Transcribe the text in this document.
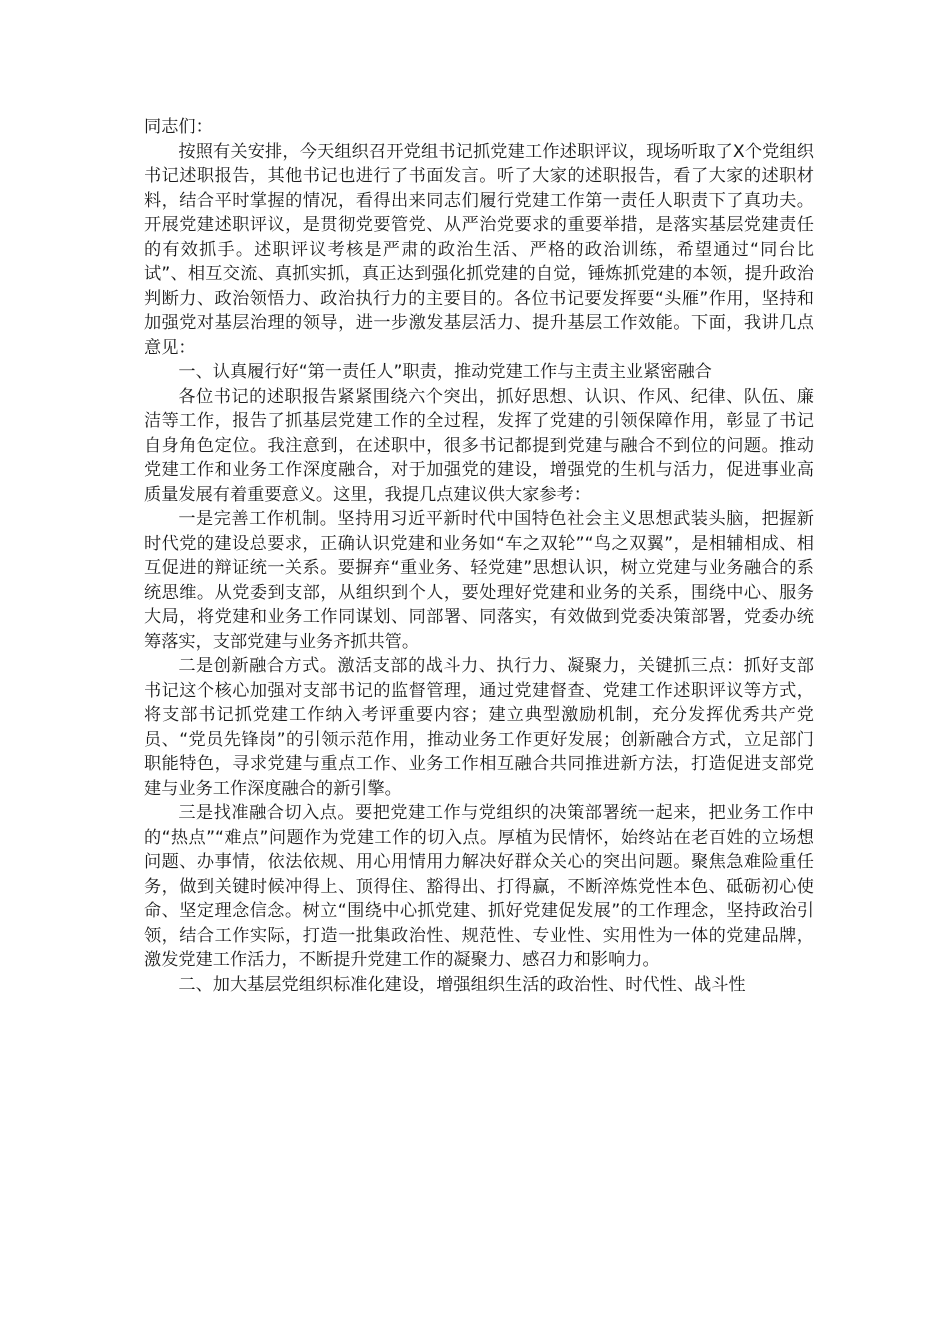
同志们：

按照有关安排，今天组织召开党组书记抓党建工作述职评议，现场听取了X个党组织书记述职报告，其他书记也进行了书面发言。听了大家的述职报告，看了大家的述职材料，结合平时掌握的情况，看得出来同志们履行党建工作第一责任人职责下了真功夫。开展党建述职评议，是贯彻党要管党、从严治党要求的重要举措，是落实基层党建责任的有效抓手。述职评议考核是严肃的政治生活、严格的政治训练，希望通过“同台比试”、相互交流、真抓实抓，真正达到强化抓党建的自觉，锤炼抓党建的本领，提升政治判断力、政治领悟力、政治执行力的主要目的。各位书记要发挥要“头雁”作用，坚持和加强党对基层治理的领导，进一步激发基层活力、提升基层工作效能。下面，我讲几点意见：

一、认真履行好“第一责任人”职责，推动党建工作与主责主业紧密融合

各位书记的述职报告紧紧围绕六个突出，抓好思想、认识、作风、纪律、队伍、廉洁等工作，报告了抓基层党建工作的全过程，发挥了党建的引领保障作用，彰显了书记自身角色定位。我注意到，在述职中，很多书记都提到党建与融合不到位的问题。推动党建工作和业务工作深度融合，对于加强党的建设，增强党的生机与活力，促进事业高质量发展有着重要意义。这里，我提几点建议供大家参考：

一是完善工作机制。坚持用习近平新时代中国特色社会主义思想武装头脑，把握新时代党的建设总要求，正确认识党建和业务如“车之双轮”“鸟之双翼”，是相辅相成、相互促进的辩证统一关系。要摒弃“重业务、轻党建”思想认识，树立党建与业务融合的系统思维。从党委到支部，从组织到个人，要处理好党建和业务的关系，围绕中心、服务大局，将党建和业务工作同谋划、同部署、同落实，有效做到党委决策部署，党委办统筹落实，支部党建与业务齐抓共管。

二是创新融合方式。激活支部的战斗力、执行力、凝聚力，关键抓三点：抓好支部书记这个核心加强对支部书记的监督管理，通过党建督查、党建工作述职评议等方式，将支部书记抓党建工作纳入考评重要内容；建立典型激励机制，充分发挥优秀共产党员、“党员先锋岗”的引领示范作用，推动业务工作更好发展；创新融合方式，立足部门职能特色，寻求党建与重点工作、业务工作相互融合共同推进新方法，打造促进支部党建与业务工作深度融合的新引擎。

三是找准融合切入点。要把党建工作与党组织的决策部署统一起来，把业务工作中的“热点”“难点”问题作为党建工作的切入点。厚植为民情怀，始终站在老百姓的立场想问题、办事情，依法依规、用心用情用力解决好群众关心的突出问题。聚焦急难险重任务，做到关键时候冲得上、顶得住、豁得出、打得赢，不断淬炼党性本色、砥砺初心使命、坚定理念信念。树立“围绕中心抓党建、抓好党建促发展”的工作理念，坚持政治引领，结合工作实际，打造一批集政治性、规范性、专业性、实用性为一体的党建品牌，激发党建工作活力，不断提升党建工作的凝聚力、感召力和影响力。

二、加大基层党组织标准化建设，增强组织生活的政治性、时代性、战斗性
